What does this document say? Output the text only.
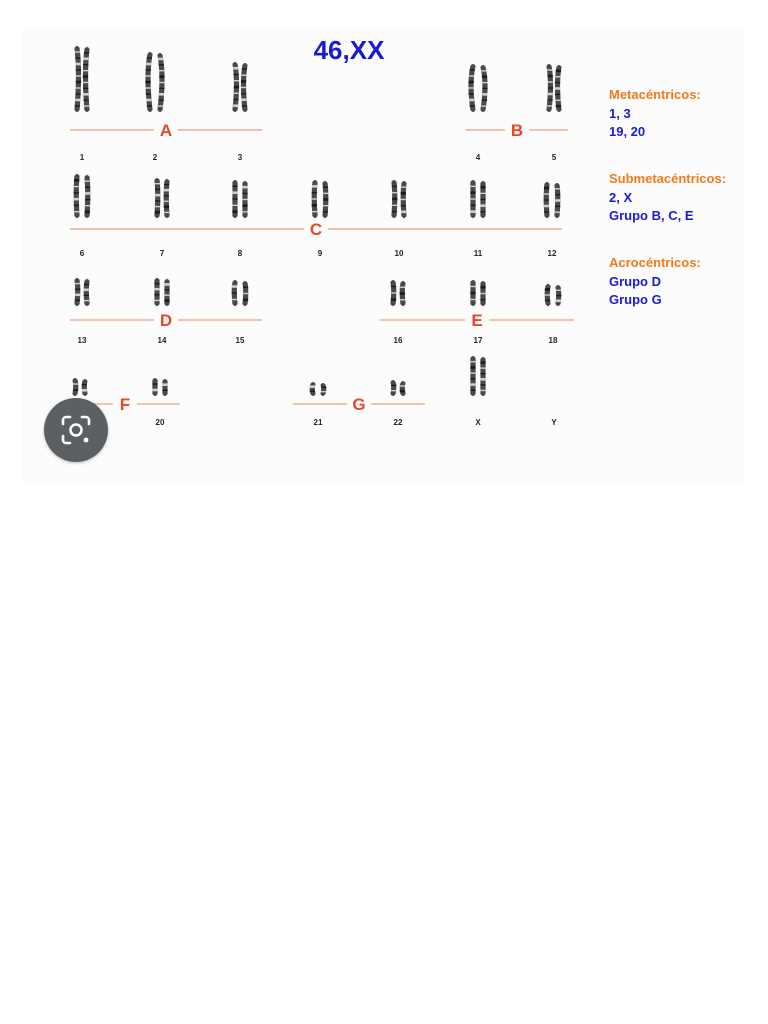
46,XX
1	2	3	4	5
6	7	8	9	10	11	12
13	14	15	16	17	18
20	21	22	X	Y
A	B
C
D	E
F	G
Metacéntricos:
1, 3
19, 20
Submetacéntricos:
2, X
Grupo B, C, E
Acrocéntricos:
Grupo D
Grupo G
